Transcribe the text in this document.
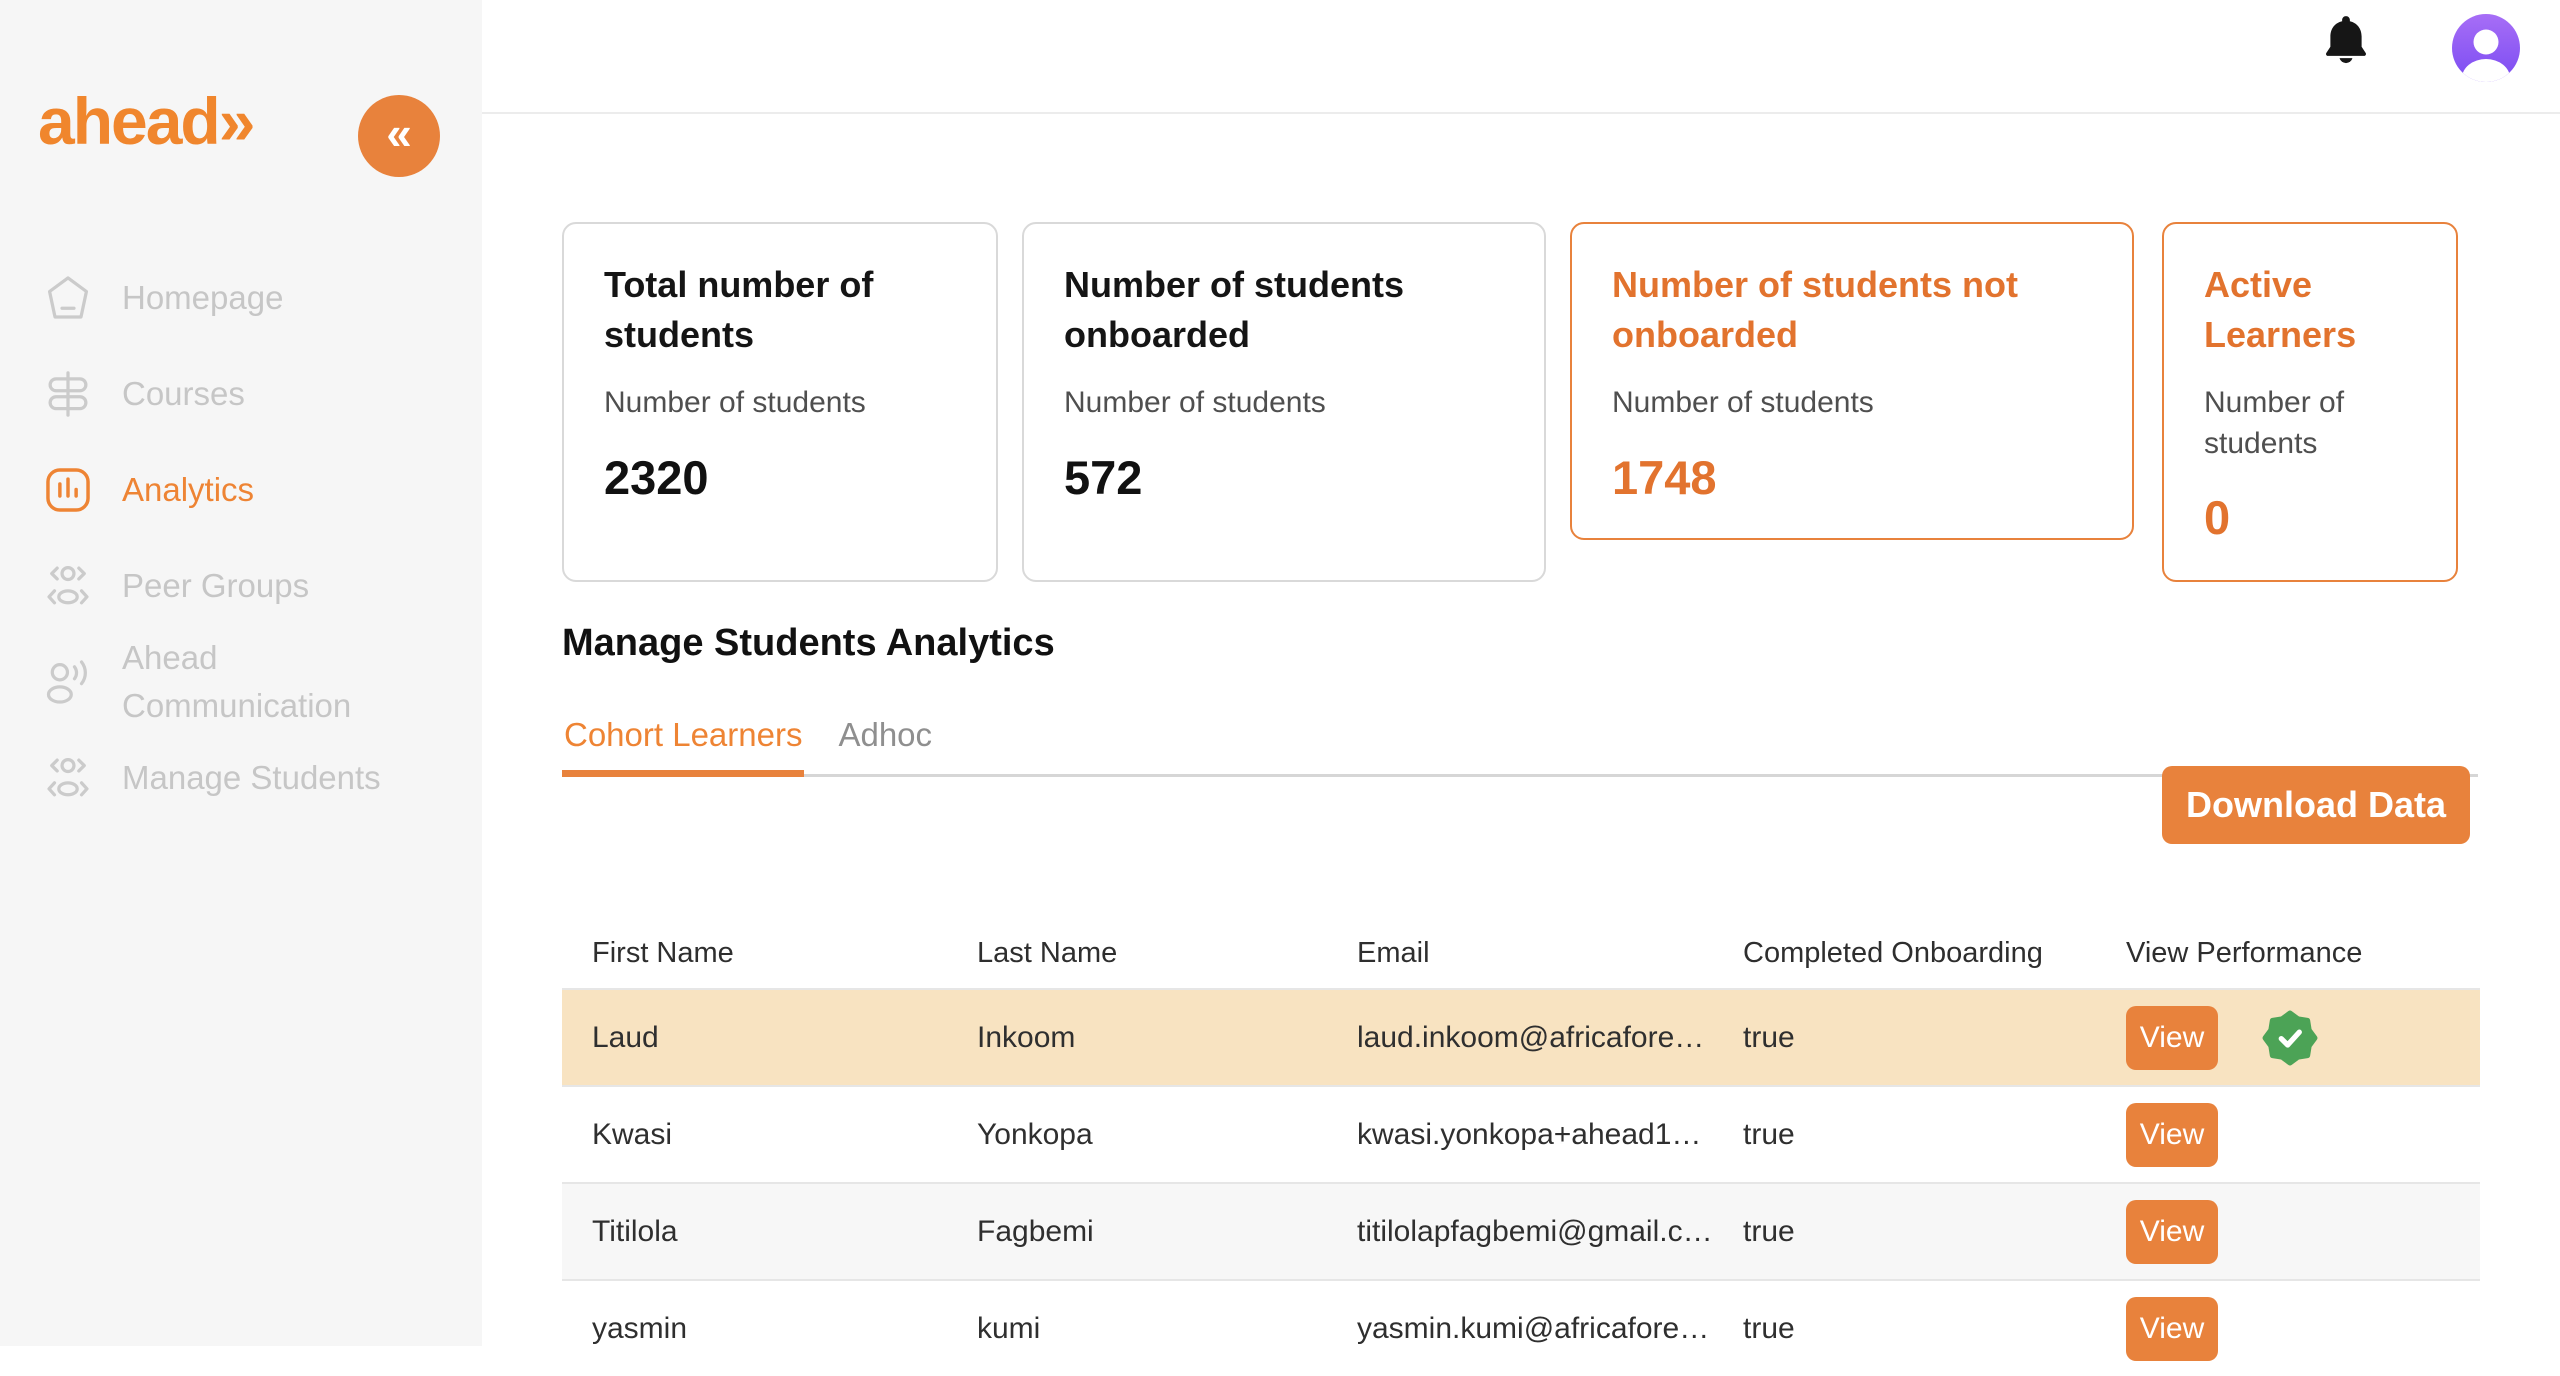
ahead»	«
Homepage
Courses
Analytics
Peer Groups
Ahead Communication
Manage Students
Total number of students
Number of students
2320
Number of students onboarded
Number of students
572
Number of students not onboarded
Number of students
1748
Active Learners
Number of students
0
Manage Students Analytics
Cohort Learners Adhoc
Download Data
First Name	Last Name	Email	Completed Onboarding	View Performance
Laud	Inkoom	laud.inkoom@africafore…	true	View
Kwasi	Yonkopa	kwasi.yonkopa+ahead1…	true	View
Titilola	Fagbemi	titilolapfagbemi@gmail.c…	true	View
yasmin	kumi	yasmin.kumi@africafore…	true	View
